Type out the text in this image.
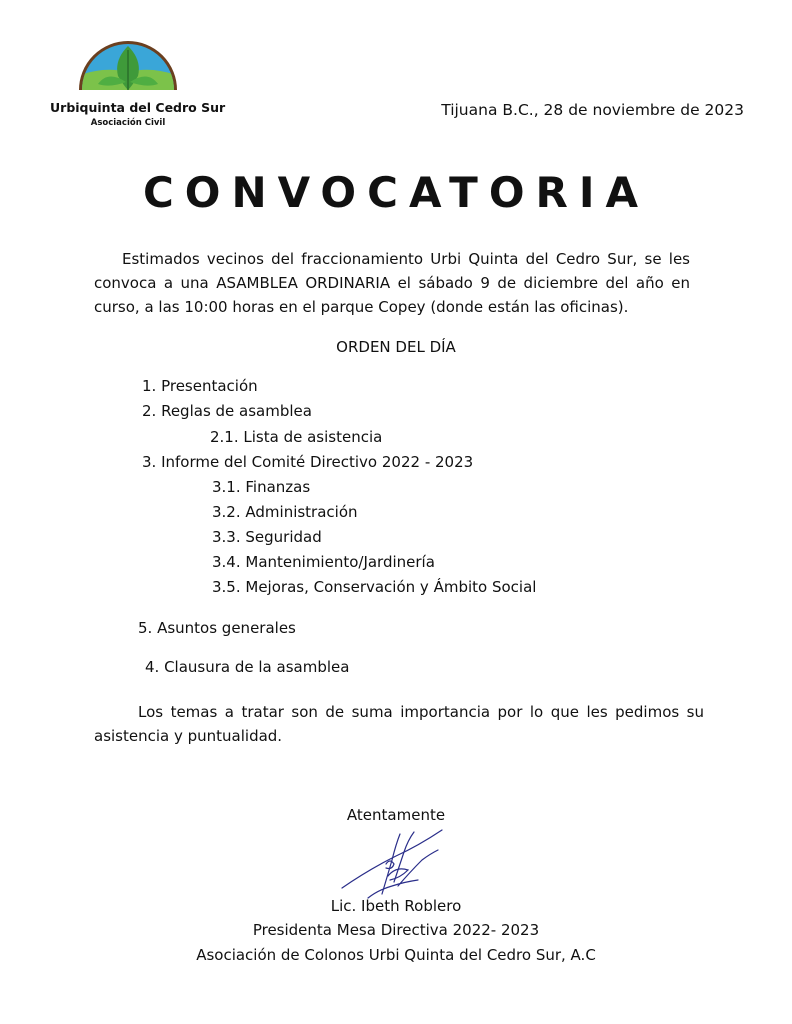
Urbiquinta del Cedro Sur
Asociación Civil
Tijuana B.C., 28 de noviembre de 2023
CONVOCATORIA
Estimados vecinos del fraccionamiento Urbi Quinta del Cedro Sur, se les convoca a una ASAMBLEA ORDINARIA el sábado 9 de diciembre del año en curso, a las 10:00 horas en el parque Copey (donde están las oficinas).
ORDEN DEL DÍA
1. Presentación
2. Reglas de asamblea
2.1. Lista de asistencia
3. Informe del Comité Directivo 2022 - 2023
3.1. Finanzas
3.2. Administración
3.3. Seguridad
3.4. Mantenimiento/Jardinería
3.5. Mejoras, Conservación y Ámbito Social
5. Asuntos generales
4. Clausura de la asamblea
Los temas a tratar son de suma importancia por lo que les pedimos su asistencia y puntualidad.
Atentamente
Lic. Ibeth Roblero
Presidenta Mesa Directiva 2022- 2023
Asociación de Colonos Urbi Quinta del Cedro Sur, A.C
